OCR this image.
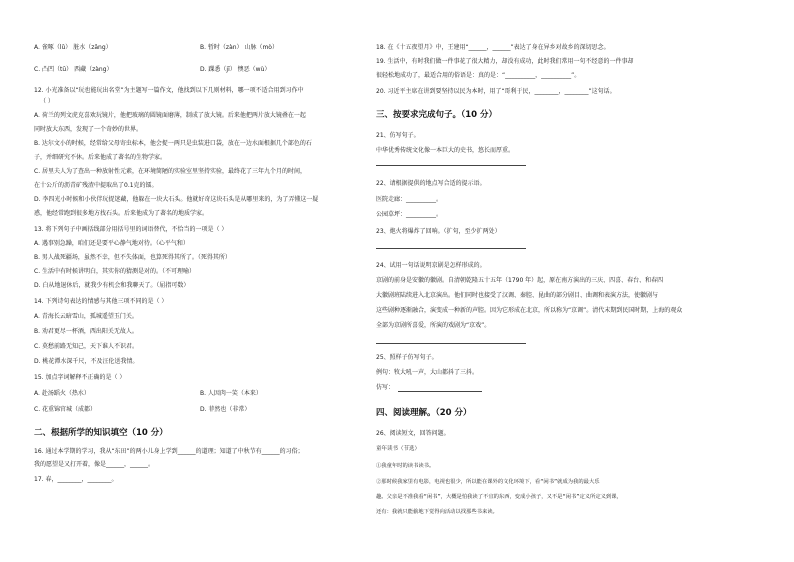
A. 雀啄（lǔ） 脏水（zāng）	B. 暂时（zàn） 山脉（mò）
C. 凸凹（tū） 西藏（zàng）	D. 踝悉（jī） 懊恶（wù）
12. 小光准备以“玩也能玩出名堂”为主题写一篇作文，他找到以下几则材料，哪一项不适合用到习作中
（ ）
A. 荷兰的列文虎克喜欢玩镜片，他把玻璃的圆镜面磨薄，制成了放大镜。后来他把两片放大镜叠在一起
同时放大东西，发现了一个奇妙的世界。
B. 达尔文小的时候，经常给父母寄虫标本，他会捉一两只是虫装进口袋，放在一边水面根据几个部色的石
子，并细研究不休。后来他成了著名的生物学家。
C. 居里夫人为了查出一种放射性元素，在环境简陋的实验室里坚持实验，最终花了三年九个月的时间，
在十公斤的沥青矿残渣中提取出了0.1克的镭。
D. 李四光小时候和小伙伴玩捉迷藏，他躲在一块大石头。他就好奇这块石头是从哪里来的，为了弄懂这一疑
惑，他经常跑到很多地方找石头。后来他成为了著名的地质学家。
13. 将下列句子中画括线部分用括号里的词语替代，不恰当的一项是（ ）
A. 遇事别急躁，咱们还是要平心静气地对待。（心平气和）
B. 男人战死疆场，虽然不幸，但不失体面，也算死得其所了。（死得其所）
C. 生活中有时候讲明白，其实你的猜测是对的。（不可理喻）
D. 白从地退休后，就我少有机会和我聊天了。（屈指可数）
14. 下列诗句表达的情感与其他三项不同的是（ ）
A. 青海长云暗雪山，孤城遥望玉门关。
B. 劝君更尽一杯酒，西出阳关无故人。
C. 莫愁前路无知己，天下谁人不识君。
D. 桃花潭水深千尺，不及汪伦送我情。
15. 加点字词解释不正确的是（ ）
A. 赴汤蹈火（热水）	B. 人因肉一笑（本来）
C. 花重锦官城（成都）	D. 菲然也（非常）
二、根据所学的知识填空（10 分）
16. 通过本学期的学习，我从“东田”的两小儿身上学到______的道理；知道了中秋节有______的习俗；
我的愿望是又打开着，像是______，______。
17. 春，________，________。
18. 在《十五夜望月》中，王建用“______，______”表达了身在异乡对故乡的深切思念。
19. 生活中，有时我们做一件事花了很大精力，却没有成功，此时我们常用一句不经意的一件事却
很轻松地成功了，最适合用的俗语是：真的是：“__________，__________”。
20. 习近平主席在讲到要坚持以民为本时，用了“哥利于民，________，________”这句话。
三、按要求完成句子。（10 分）
21、仿写句子。
中华优秀传统文化像一本巨大的史书，悠长而厚重。
22、请根据提供的地点写合适的提示语。
医院走廊：__________。
公园草坪：__________。
23、炮火将爆炸了回响。（扩句，至少扩两处）
24、试用一句话说明京剧是怎样形成的。
京剧的前身是安徽的徽剧。自清朝乾隆五十五年（1790 年）起，原在南方演出的三庆、四喜、春台、和春四
大徽剧班陆续进入北京演出。他们同时也接受了汉调、秦腔、昆曲的部分剧目、曲调和表演方法，使徽剧与
这些剧种逐渐融合，演变成一种新的声腔。因为它形成在北京，所以称为“京调”。清代末期到民国时期，上海的观众
全部为京剧所喜爱，所演的戏剧为“京戏”。
25、照样子仿写句子。
例句：牧大吼一声，大山都抖了三抖。
仿写：
四、阅读理解。（20 分）
26、阅读短文，回答问题。
童年读书（节选）
①我童年时的读书读书。
②那时候我家里有电影，电视也很少，所以能在课外的文化环境下，看“闲书”就成为我的最大乐
趣。父亲是不准我看“闲书”，大概是怕我读了不宜的东西，变成小孩子，又不是“闲书”定义所定义到课，
还有：我就只能偷地下觉得向活动以找那些书来读。
